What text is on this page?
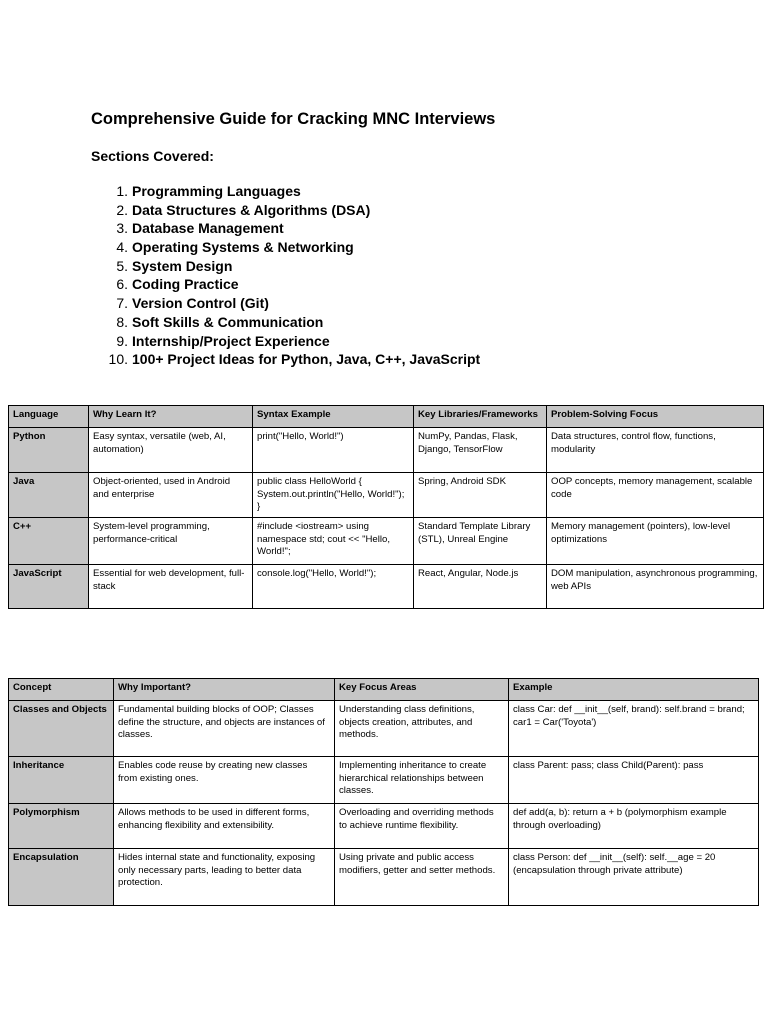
Comprehensive Guide for Cracking MNC Interviews

Sections Covered:

1. Programming Languages
2. Data Structures & Algorithms (DSA)
3. Database Management
4. Operating Systems & Networking
5. System Design
6. Coding Practice
7. Version Control (Git)
8. Soft Skills & Communication
9. Internship/Project Experience
10. 100+ Project Ideas for Python, Java, C++, JavaScript
Language	Why Learn It?	Syntax Example	Key Libraries/Frameworks	Problem-Solving Focus
Python	Easy syntax, versatile (web, AI, automation)	print("Hello, World!")	NumPy, Pandas, Flask, Django, TensorFlow	Data structures, control flow, functions, modularity
Java	Object-oriented, used in Android and enterprise	public class HelloWorld { System.out.println("Hello, World!"); }	Spring, Android SDK	OOP concepts, memory management, scalable code
C++	System-level programming, performance-critical	#include <iostream> using namespace std; cout << "Hello, World!";	Standard Template Library (STL), Unreal Engine	Memory management (pointers), low-level optimizations
JavaScript	Essential for web development, full-stack	console.log("Hello, World!");	React, Angular, Node.js	DOM manipulation, asynchronous programming, web APIs
Concept	Why Important?	Key Focus Areas	Example
Classes and Objects	Fundamental building blocks of OOP; Classes define the structure, and objects are instances of classes.	Understanding class definitions, objects creation, attributes, and methods.	class Car: def __init__(self, brand): self.brand = brand; car1 = Car('Toyota')
Inheritance	Enables code reuse by creating new classes from existing ones.	Implementing inheritance to create hierarchical relationships between classes.	class Parent: pass; class Child(Parent): pass
Polymorphism	Allows methods to be used in different forms, enhancing flexibility and extensibility.	Overloading and overriding methods to achieve runtime flexibility.	def add(a, b): return a + b (polymorphism example through overloading)
Encapsulation	Hides internal state and functionality, exposing only necessary parts, leading to better data protection.	Using private and public access modifiers, getter and setter methods.	class Person: def __init__(self): self.__age = 20 (encapsulation through private attribute)
